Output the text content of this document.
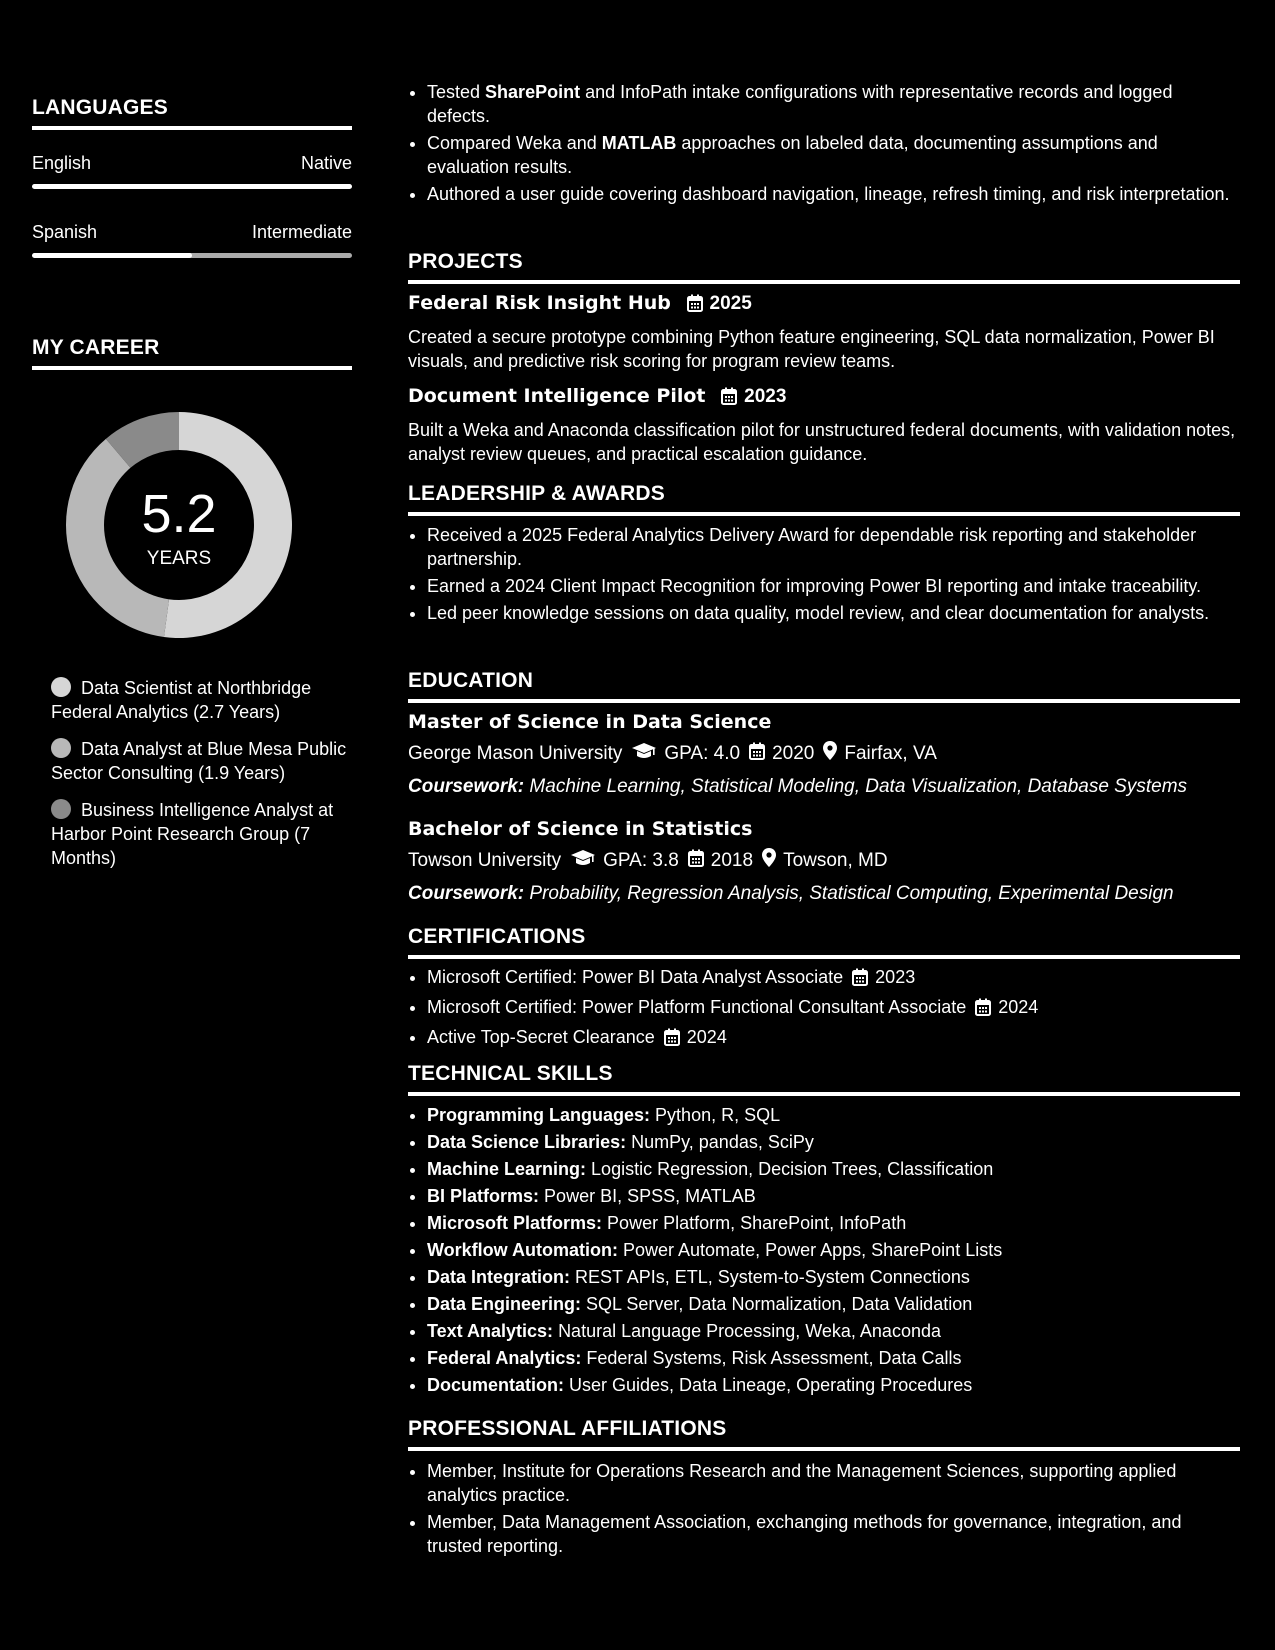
LANGUAGES
English	Native
Spanish	Intermediate
MY CAREER
5.2
YEARS
Data Scientist at Northbridge Federal Analytics (2.7 Years)
Data Analyst at Blue Mesa Public Sector Consulting (1.9 Years)
Business Intelligence Analyst at Harbor Point Research Group (7 Months)
• Tested SharePoint and InfoPath intake configurations with representative records and logged defects.
• Compared Weka and MATLAB approaches on labeled data, documenting assumptions and evaluation results.
• Authored a user guide covering dashboard navigation, lineage, refresh timing, and risk interpretation.
PROJECTS
Federal Risk Insight Hub 2025
Created a secure prototype combining Python feature engineering, SQL data normalization, Power BI visuals, and predictive risk scoring for program review teams.
Document Intelligence Pilot 2023
Built a Weka and Anaconda classification pilot for unstructured federal documents, with validation notes, analyst review queues, and practical escalation guidance.
LEADERSHIP & AWARDS
• Received a 2025 Federal Analytics Delivery Award for dependable risk reporting and stakeholder partnership.
• Earned a 2024 Client Impact Recognition for improving Power BI reporting and intake traceability.
• Led peer knowledge sessions on data quality, model review, and clear documentation for analysts.
EDUCATION
Master of Science in Data Science
George Mason University GPA: 4.0 2020 Fairfax, VA
Coursework: Machine Learning, Statistical Modeling, Data Visualization, Database Systems
Bachelor of Science in Statistics
Towson University GPA: 3.8 2018 Towson, MD
Coursework: Probability, Regression Analysis, Statistical Computing, Experimental Design
CERTIFICATIONS
• Microsoft Certified: Power BI Data Analyst Associate 2023
• Microsoft Certified: Power Platform Functional Consultant Associate 2024
• Active Top-Secret Clearance 2024
TECHNICAL SKILLS
• Programming Languages: Python, R, SQL
• Data Science Libraries: NumPy, pandas, SciPy
• Machine Learning: Logistic Regression, Decision Trees, Classification
• BI Platforms: Power BI, SPSS, MATLAB
• Microsoft Platforms: Power Platform, SharePoint, InfoPath
• Workflow Automation: Power Automate, Power Apps, SharePoint Lists
• Data Integration: REST APIs, ETL, System-to-System Connections
• Data Engineering: SQL Server, Data Normalization, Data Validation
• Text Analytics: Natural Language Processing, Weka, Anaconda
• Federal Analytics: Federal Systems, Risk Assessment, Data Calls
• Documentation: User Guides, Data Lineage, Operating Procedures
PROFESSIONAL AFFILIATIONS
• Member, Institute for Operations Research and the Management Sciences, supporting applied analytics practice.
• Member, Data Management Association, exchanging methods for governance, integration, and trusted reporting.
